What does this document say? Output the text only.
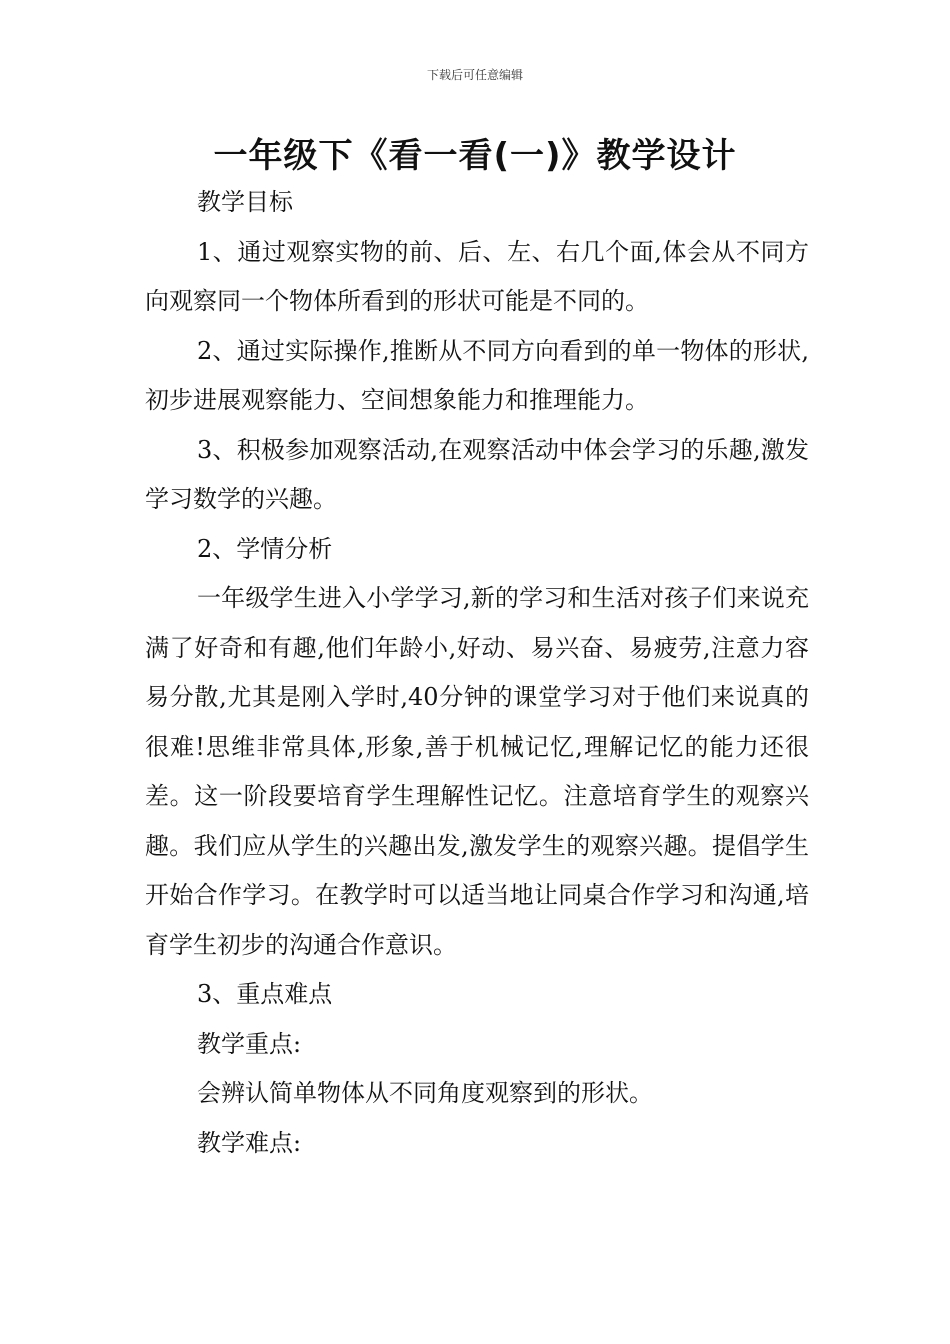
下载后可任意编辑
一年级下《看一看(一)》教学设计

教学目标

1、通过观察实物的前、后、左、右几个面,体会从不同方向观察同一个物体所看到的形状可能是不同的。

2、通过实际操作,推断从不同方向看到的单一物体的形状,初步进展观察能力、空间想象能力和推理能力。

3、积极参加观察活动,在观察活动中体会学习的乐趣,激发学习数学的兴趣。

2、学情分析

一年级学生进入小学学习,新的学习和生活对孩子们来说充满了好奇和有趣,他们年龄小,好动、易兴奋、易疲劳,注意力容易分散,尤其是刚入学时,40分钟的课堂学习对于他们来说真的很难!思维非常具体,形象,善于机械记忆,理解记忆的能力还很差。这一阶段要培育学生理解性记忆。注意培育学生的观察兴趣。我们应从学生的兴趣出发,激发学生的观察兴趣。提倡学生开始合作学习。在教学时可以适当地让同桌合作学习和沟通,培育学生初步的沟通合作意识。

3、重点难点

教学重点:

会辨认简单物体从不同角度观察到的形状。

教学难点:
